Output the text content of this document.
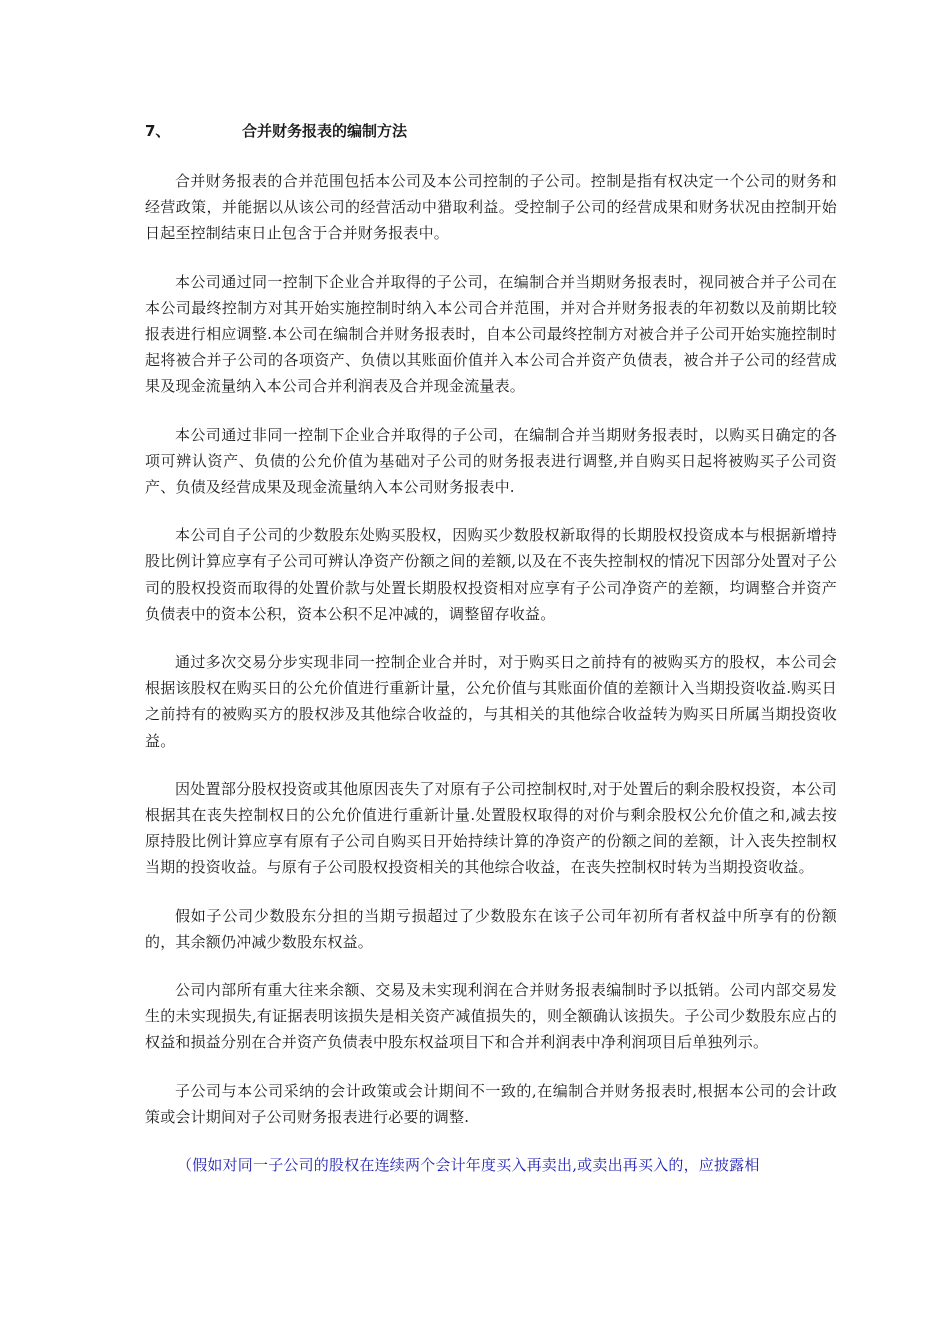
7、	合并财务报表的编制方法

合并财务报表的合并范围包括本公司及本公司控制的子公司。控制是指有权决定一个公司的财务和经营政策，并能据以从该公司的经营活动中猎取利益。受控制子公司的经营成果和财务状况由控制开始日起至控制结束日止包含于合并财务报表中。

本公司通过同一控制下企业合并取得的子公司，在编制合并当期财务报表时，视同被合并子公司在本公司最终控制方对其开始实施控制时纳入本公司合并范围，并对合并财务报表的年初数以及前期比较报表进行相应调整.本公司在编制合并财务报表时，自本公司最终控制方对被合并子公司开始实施控制时起将被合并子公司的各项资产、负债以其账面价值并入本公司合并资产负债表，被合并子公司的经营成果及现金流量纳入本公司合并利润表及合并现金流量表。

本公司通过非同一控制下企业合并取得的子公司，在编制合并当期财务报表时，以购买日确定的各项可辨认资产、负债的公允价值为基础对子公司的财务报表进行调整,并自购买日起将被购买子公司资产、负债及经营成果及现金流量纳入本公司财务报表中.

本公司自子公司的少数股东处购买股权，因购买少数股权新取得的长期股权投资成本与根据新增持股比例计算应享有子公司可辨认净资产份额之间的差额,以及在不丧失控制权的情况下因部分处置对子公司的股权投资而取得的处置价款与处置长期股权投资相对应享有子公司净资产的差额，均调整合并资产负债表中的资本公积，资本公积不足冲减的，调整留存收益。

通过多次交易分步实现非同一控制企业合并时，对于购买日之前持有的被购买方的股权，本公司会根据该股权在购买日的公允价值进行重新计量，公允价值与其账面价值的差额计入当期投资收益.购买日之前持有的被购买方的股权涉及其他综合收益的，与其相关的其他综合收益转为购买日所属当期投资收益。

因处置部分股权投资或其他原因丧失了对原有子公司控制权时,对于处置后的剩余股权投资，本公司根据其在丧失控制权日的公允价值进行重新计量.处置股权取得的对价与剩余股权公允价值之和,减去按原持股比例计算应享有原有子公司自购买日开始持续计算的净资产的份额之间的差额，计入丧失控制权当期的投资收益。与原有子公司股权投资相关的其他综合收益，在丧失控制权时转为当期投资收益。

假如子公司少数股东分担的当期亏损超过了少数股东在该子公司年初所有者权益中所享有的份额的，其余额仍冲减少数股东权益。

公司内部所有重大往来余额、交易及未实现利润在合并财务报表编制时予以抵销。公司内部交易发生的未实现损失,有证据表明该损失是相关资产减值损失的，则全额确认该损失。子公司少数股东应占的权益和损益分别在合并资产负债表中股东权益项目下和合并利润表中净利润项目后单独列示。

子公司与本公司采纳的会计政策或会计期间不一致的,在编制合并财务报表时,根据本公司的会计政策或会计期间对子公司财务报表进行必要的调整.

（假如对同一子公司的股权在连续两个会计年度买入再卖出,或卖出再买入的，应披露相
